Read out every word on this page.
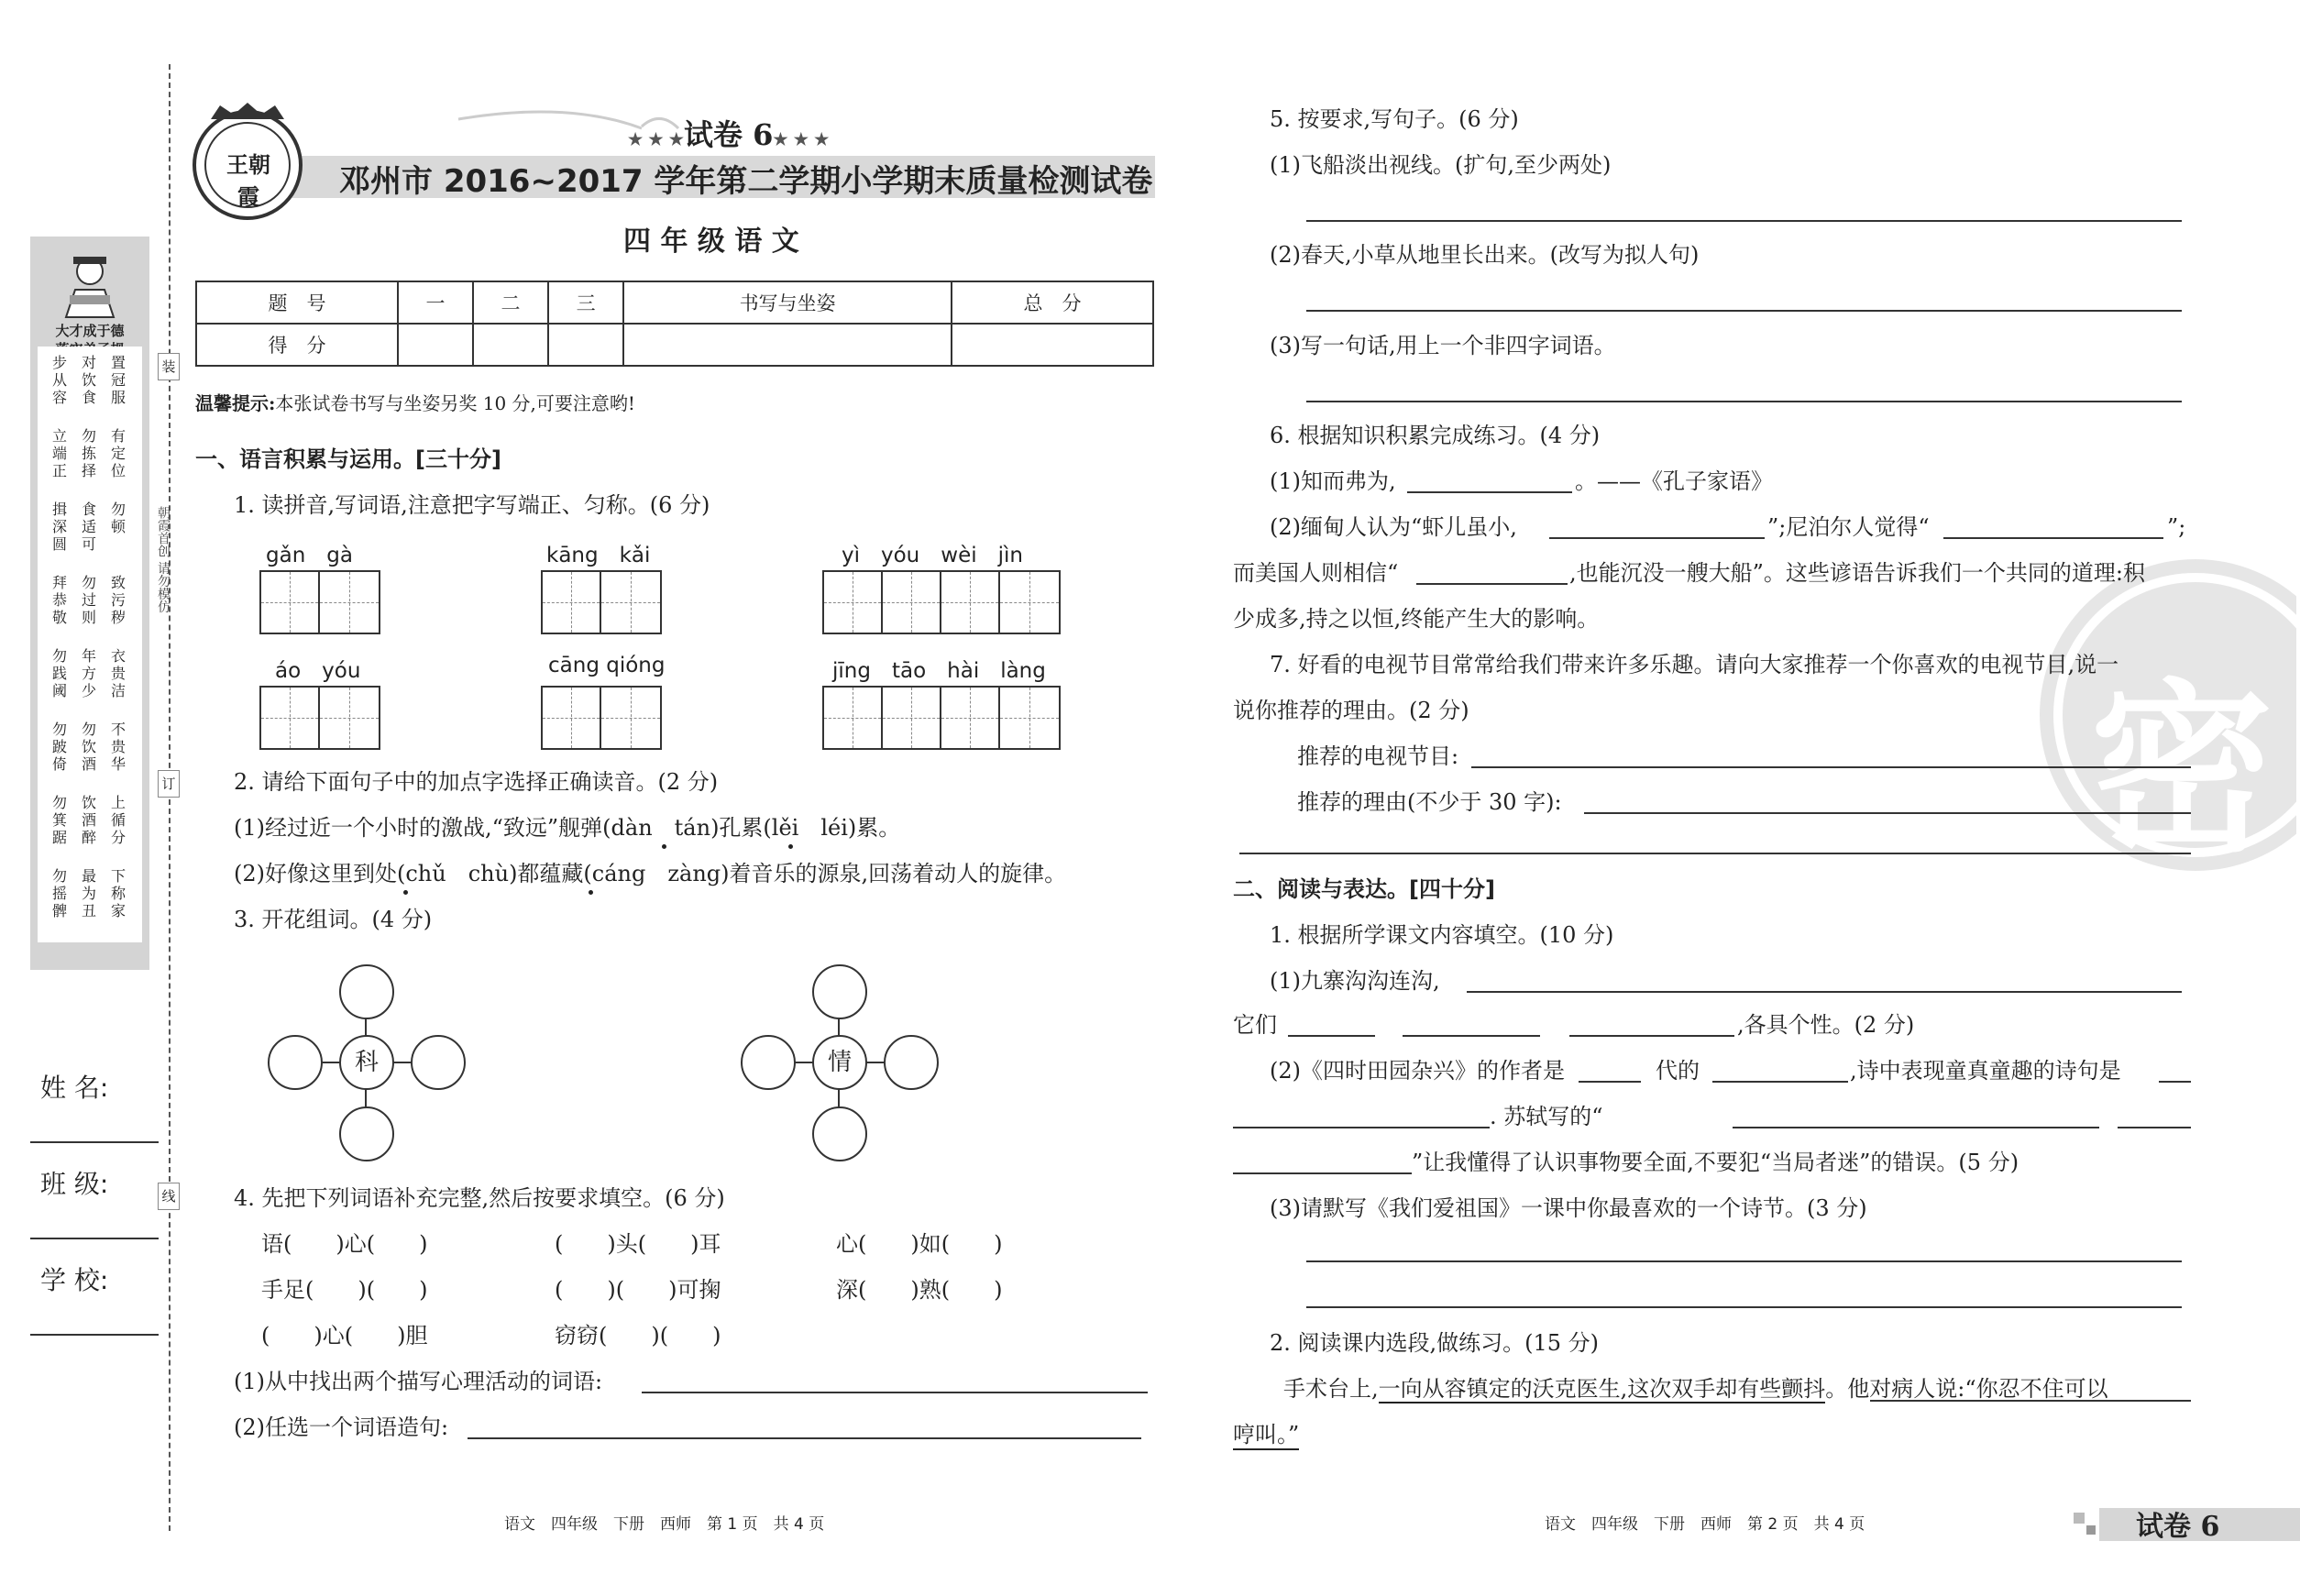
大才成于德
步
从
容
对
饮
食
置
冠
服
立
端
正
勿
拣
择
有
定
位
揖
深
圆
食
适
可
勿
顿
拜
恭
敬
勿
过
则
致
污
秽
勿
践
阈
年
方
少
衣
贵
洁
勿
跛
倚
勿
饮
酒
不
贵
华
勿
箕
踞
饮
酒
醉
上
循
分
勿
摇
髀
最
为
丑
下
称
家
装
订
线
朝霞首创 请勿模仿
姓 名:
班 级:
学 校:
王朝霞
★ ★ ★试卷 6★ ★ ★
邓州市 2016~2017 学年第二学期小学期末质量检测试卷
四 年 级 语 文
题　号	一	二	三	书写与坐姿	总　分
得　分					
温馨提示:本张试卷书写与坐姿另奖 10 分,可要注意哟!
一、语言积累与运用。[三十分]
1. 读拼音,写词语,注意把字写端正、匀称。(6 分)
gǎn　gà	kāng　kǎi	yì　yóu　wèi　jìn
áo　yóu	cāng qióng	jīng　tāo　hài　làng
2. 请给下面句子中的加点字选择正确读音。(2 分)
(1)经过近一个小时的激战,“致远”舰弹(dàn　tán)孔累(lěi　léi)累。
(2)好像这里到处(chǔ　chù)都蕴藏(cáng　zàng)着音乐的源泉,回荡着动人的旋律。
3. 开花组词。(4 分)
科	情
4. 先把下列词语补充完整,然后按要求填空。(6 分)
语(　　)心(　　)	(　　)头(　　)耳	心(　　)如(　　)
手足(　　)(　　)	(　　)(　　)可掬	深(　　)熟(　　)
(　　)心(　　)胆	窃窃(　　)(　　)
(1)从中找出两个描写心理活动的词语:
(2)任选一个词语造句:
语文　四年级　下册　西师　第 1 页　共 4 页
密
5. 按要求,写句子。(6 分)
(1)飞船淡出视线。(扩句,至少两处)
(2)春天,小草从地里长出来。(改写为拟人句)
(3)写一句话,用上一个非四字词语。
6. 根据知识积累完成练习。(4 分)
(1)知而弗为,	。——《孔子家语》
(2)缅甸人认为“虾儿虽小,	”;尼泊尔人觉得“	”;
而美国人则相信“	,也能沉没一艘大船”。这些谚语告诉我们一个共同的道理:积
少成多,持之以恒,终能产生大的影响。
7. 好看的电视节目常常给我们带来许多乐趣。请向大家推荐一个你喜欢的电视节目,说一
说你推荐的理由。(2 分)
推荐的电视节目:
推荐的理由(不少于 30 字):
二、阅读与表达。[四十分]
1. 根据所学课文内容填空。(10 分)
(1)九寨沟沟连沟,
它们	,各具个性。(2 分)
(2)《四时田园杂兴》的作者是	代的	,诗中表现童真童趣的诗句是
. 苏轼写的“
”让我懂得了认识事物要全面,不要犯“当局者迷”的错误。(5 分)
(3)请默写《我们爱祖国》一课中你最喜欢的一个诗节。(3 分)
2. 阅读课内选段,做练习。(15 分)
手术台上,一向从容镇定的沃克医生,这次双手却有些颤抖。他对病人说:“你忍不住可以
哼叫。”
语文　四年级　下册　西师　第 2 页　共 4 页	试卷 6
